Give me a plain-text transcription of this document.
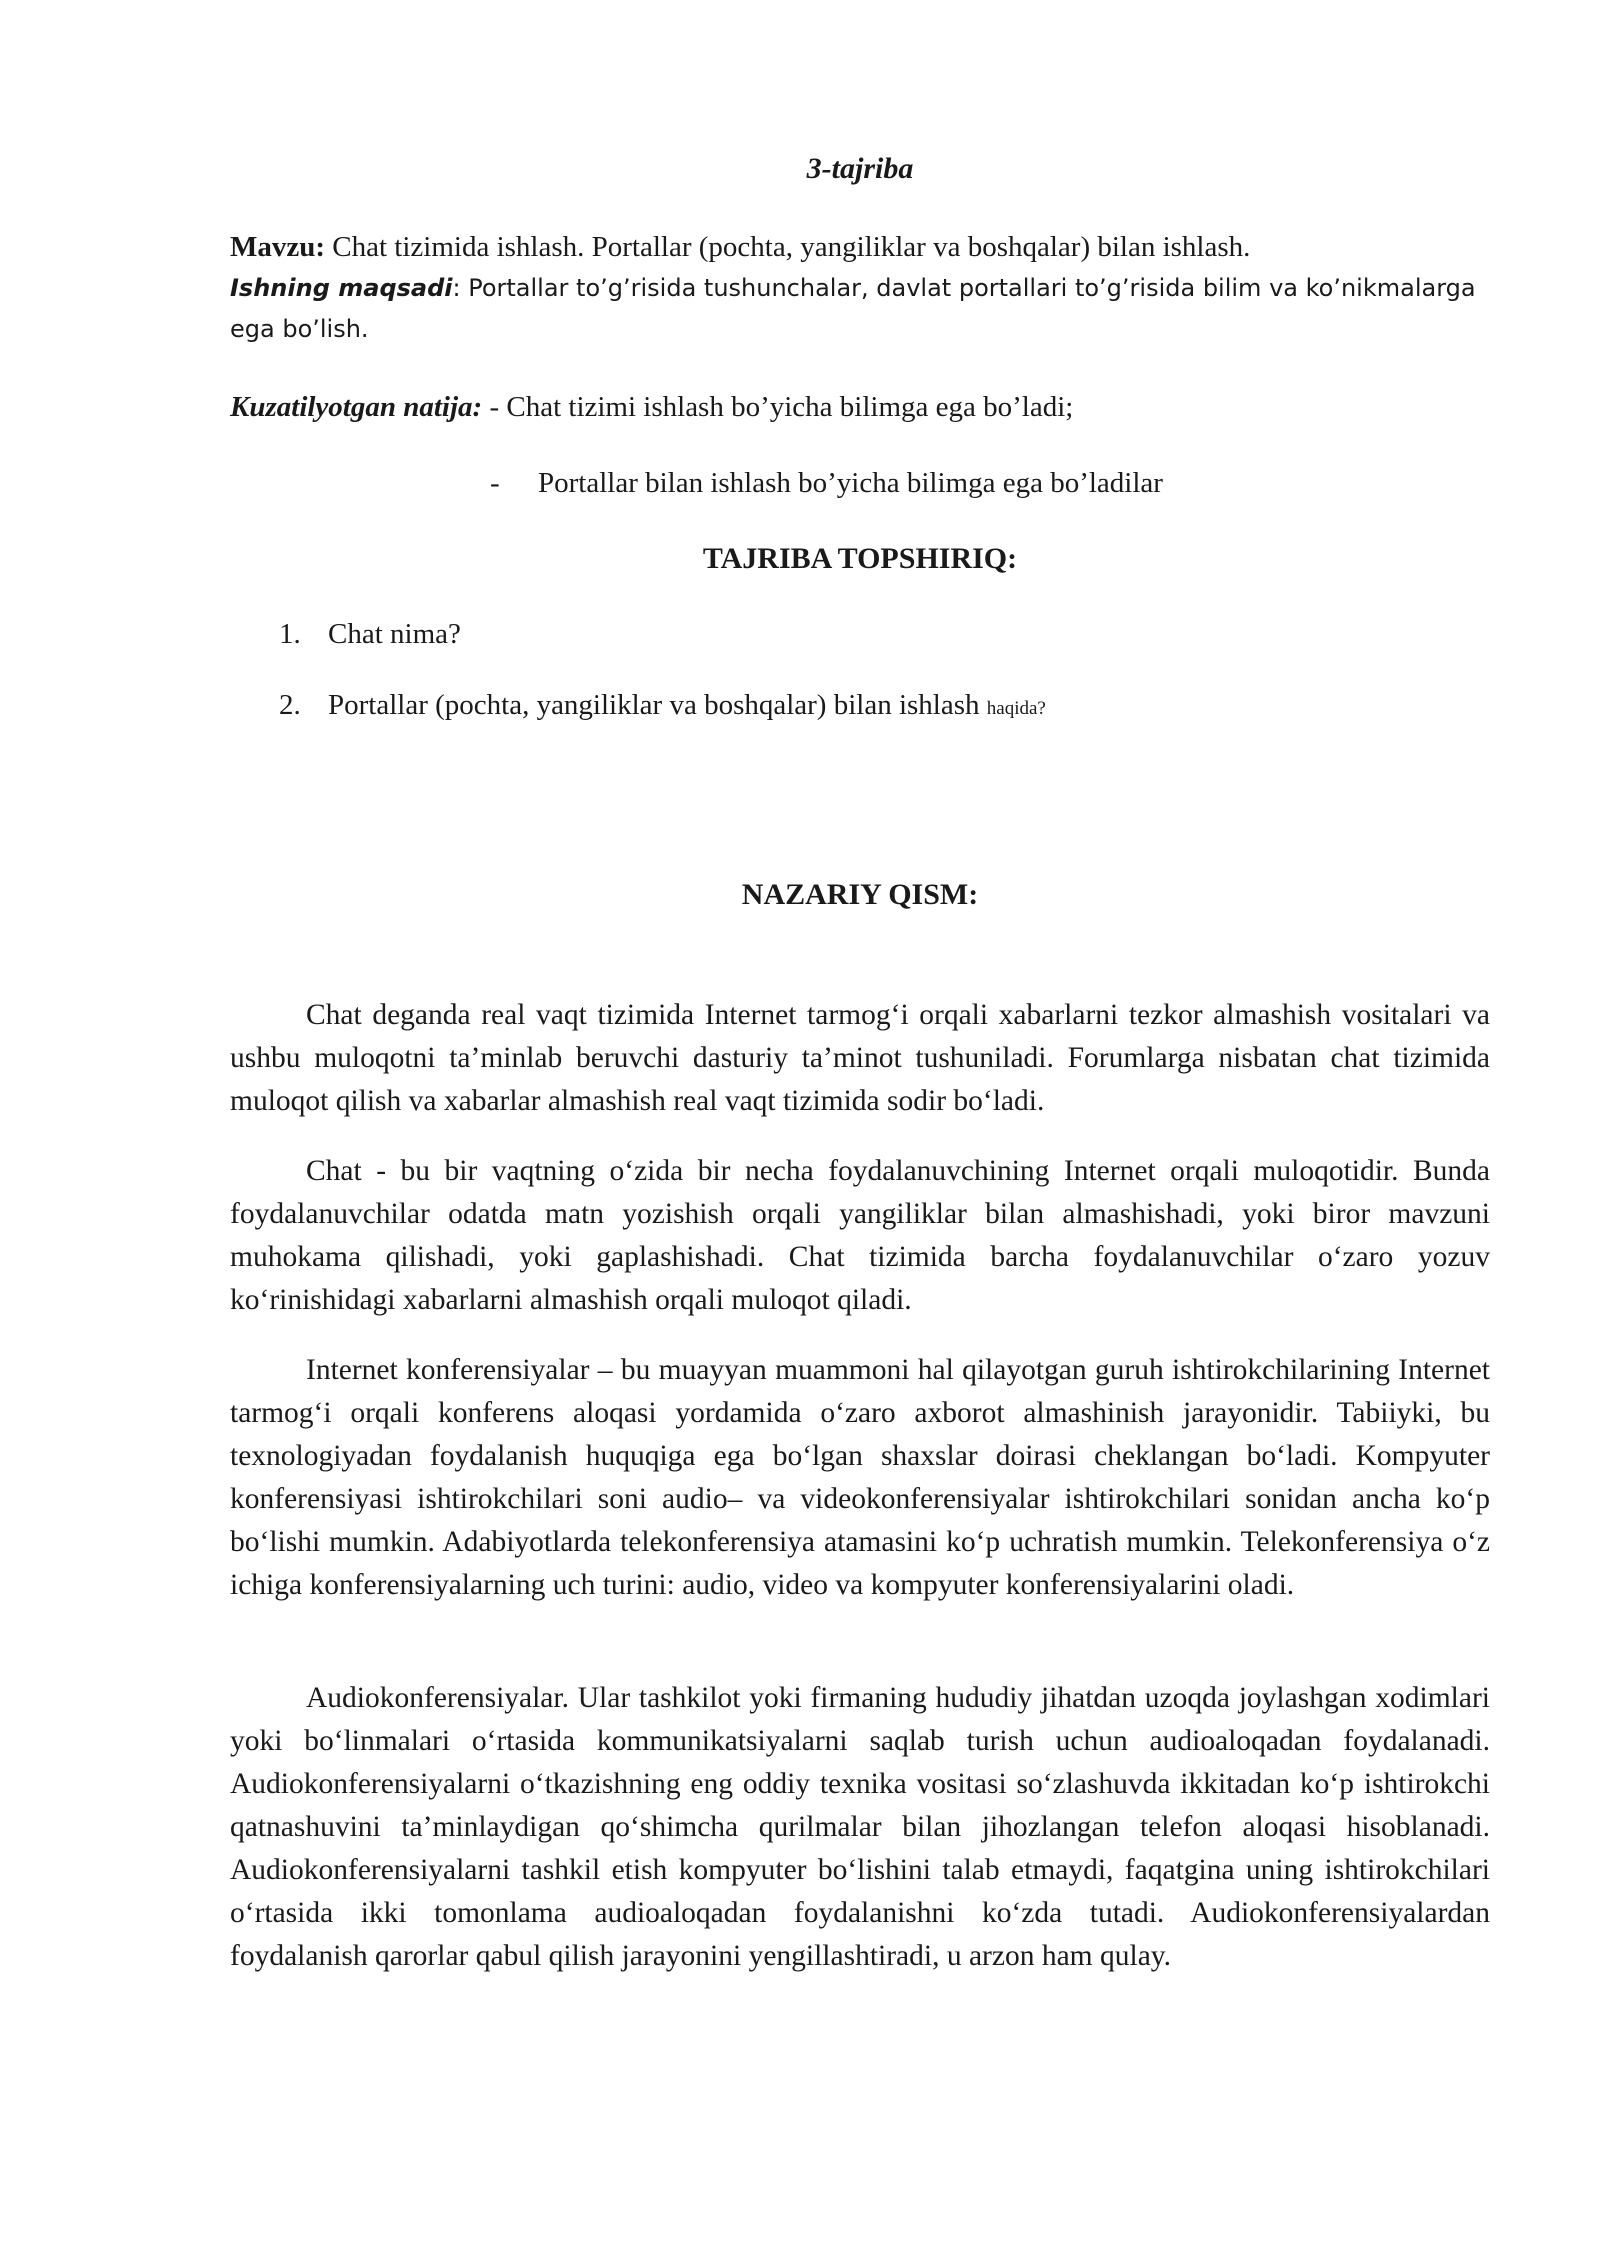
3-tajriba
Mavzu: Chat tizimida ishlash. Portallar (pochta, yangiliklar va boshqalar) bilan ishlash.
Ishning maqsadi: Portallar to’g’risida tushunchalar, davlat portallari to’g’risida bilim va ko’nikmalarga
ega bo’lish.
Kuzatilyotgan natija: - Chat tizimi ishlash bo’yicha bilimga ega bo’ladi;
- Portallar bilan ishlash bo’yicha bilimga ega bo’ladilar
TAJRIBA TOPSHIRIQ:
1. Chat nima?
2. Portallar (pochta, yangiliklar va boshqalar) bilan ishlash haqida?
NAZARIY QISM:

Chat deganda real vaqt tizimida Internet tarmog‘i orqali xabarlarni tezkor almashish vositalari va ushbu muloqotni ta’minlab beruvchi dasturiy ta’minot tushuniladi. Forumlarga nisbatan chat tizimida muloqot qilish va xabarlar almashish real vaqt tizimida sodir bo‘ladi.

Chat - bu bir vaqtning o‘zida bir necha foydalanuvchining Internet orqali muloqotidir. Bunda foydalanuvchilar odatda matn yozishish orqali yangiliklar bilan almashishadi, yoki biror mavzuni muhokama qilishadi, yoki gaplashishadi. Chat tizimida barcha foydalanuvchilar o‘zaro yozuv ko‘rinishidagi xabarlarni almashish orqali muloqot qiladi.

Internet konferensiyalar – bu muayyan muammoni hal qilayotgan guruh ishtirokchilarining Internet tarmog‘i orqali konferens aloqasi yordamida o‘zaro axborot almashinish jarayonidir. Tabiiyki, bu texnologiyadan foydalanish huquqiga ega bo‘lgan shaxslar doirasi cheklangan bo‘ladi. Kompyuter konferensiyasi ishtirokchilari soni audio– va videokonferensiyalar ishtirokchilari sonidan ancha ko‘p bo‘lishi mumkin. Adabiyotlarda telekonferensiya atamasini ko‘p uchratish mumkin. Telekonferensiya o‘z ichiga konferensiyalarning uch turini: audio, video va kompyuter konferensiyalarini oladi.

Audiokonferensiyalar. Ular tashkilot yoki firmaning hududiy jihatdan uzoqda joylashgan xodimlari yoki bo‘linmalari o‘rtasida kommunikatsiyalarni saqlab turish uchun audioaloqadan foydalanadi. Audiokonferensiyalarni o‘tkazishning eng oddiy texnika vositasi so‘zlashuvda ikkitadan ko‘p ishtirokchi qatnashuvini ta’minlaydigan qo‘shimcha qurilmalar bilan jihozlangan telefon aloqasi hisoblanadi. Audiokonferensiyalarni tashkil etish kompyuter bo‘lishini talab etmaydi, faqatgina uning ishtirokchilari o‘rtasida ikki tomonlama audioaloqadan foydalanishni ko‘zda tutadi. Audiokonferensiyalardan foydalanish qarorlar qabul qilish jarayonini yengillashtiradi, u arzon ham qulay.
